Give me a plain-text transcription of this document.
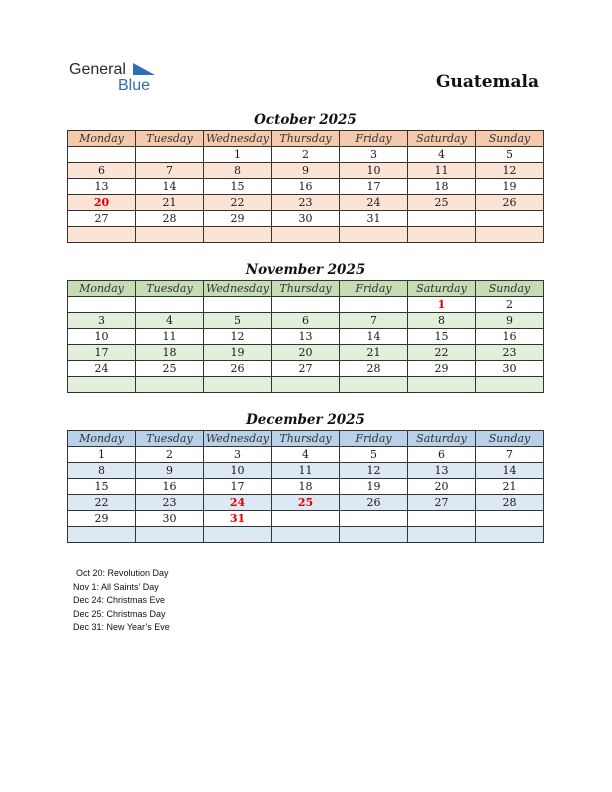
General
Blue	Guatemala
October 2025
Monday	Tuesday	Wednesday	Thursday	Friday	Saturday	Sunday
		1	2	3	4	5
6	7	8	9	10	11	12
13	14	15	16	17	18	19
20	21	22	23	24	25	26
27	28	29	30	31		

November 2025
Monday	Tuesday	Wednesday	Thursday	Friday	Saturday	Sunday
					1	2
3	4	5	6	7	8	9
10	11	12	13	14	15	16
17	18	19	20	21	22	23
24	25	26	27	28	29	30

December 2025
Monday	Tuesday	Wednesday	Thursday	Friday	Saturday	Sunday
1	2	3	4	5	6	7
8	9	10	11	12	13	14
15	16	17	18	19	20	21
22	23	24	25	26	27	28
29	30	31				

Oct 20: Revolution Day
Nov 1: All Saints’ Day
Dec 24: Christmas Eve
Dec 25: Christmas Day
Dec 31: New Year’s Eve
